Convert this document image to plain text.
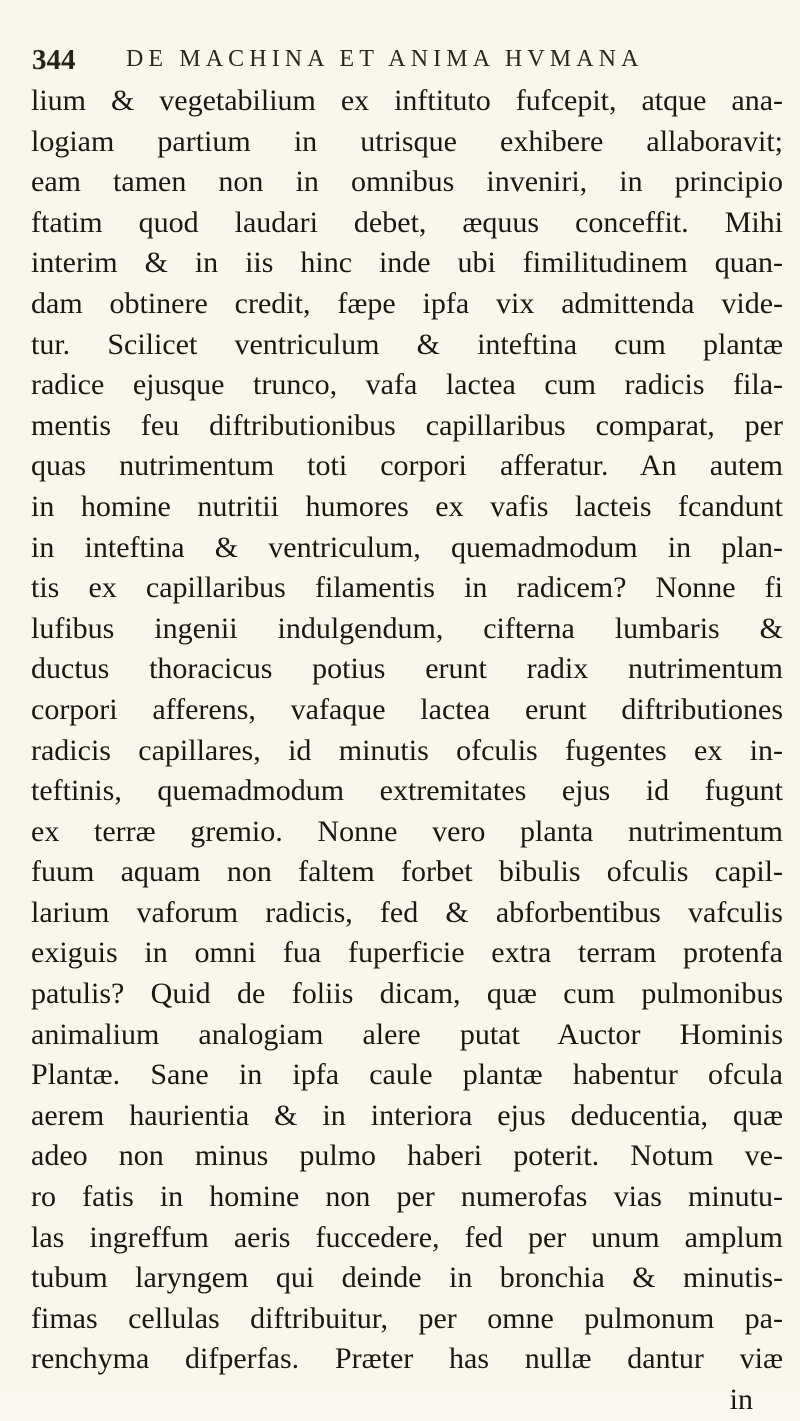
344 DE MACHINA ET ANIMA HVMANA
lium & vegetabilium ex inftituto fufcepit, atque ana-
logiam partium in utrisque exhibere allaboravit;
eam tamen non in omnibus inveniri, in principio
ftatim quod laudari debet, æquus conceffit. Mihi
interim & in iis hinc inde ubi fimilitudinem quan-
dam obtinere credit, fæpe ipfa vix admittenda vide-
tur. Scilicet ventriculum & inteftina cum plantæ
radice ejusque trunco, vafa lactea cum radicis fila-
mentis feu diftributionibus capillaribus comparat, per
quas nutrimentum toti corpori afferatur. An autem
in homine nutritii humores ex vafis lacteis fcandunt
in inteftina & ventriculum, quemadmodum in plan-
tis ex capillaribus filamentis in radicem? Nonne fi
lufibus ingenii indulgendum, cifterna lumbaris &
ductus thoracicus potius erunt radix nutrimentum
corpori afferens, vafaque lactea erunt diftributiones
radicis capillares, id minutis ofculis fugentes ex in-
teftinis, quemadmodum extremitates ejus id fugunt
ex terræ gremio. Nonne vero planta nutrimentum
fuum aquam non faltem forbet bibulis ofculis capil-
larium vaforum radicis, fed & abforbentibus vafculis
exiguis in omni fua fuperficie extra terram protenfa
patulis? Quid de foliis dicam, quæ cum pulmonibus
animalium analogiam alere putat Auctor Hominis
Plantæ. Sane in ipfa caule plantæ habentur ofcula
aerem haurientia & in interiora ejus deducentia, quæ
adeo non minus pulmo haberi poterit. Notum ve-
ro fatis in homine non per numerofas vias minutu-
las ingreffum aeris fuccedere, fed per unum amplum
tubum laryngem qui deinde in bronchia & minutis-
fimas cellulas diftribuitur, per omne pulmonum pa-
renchyma difperfas. Præter has nullæ dantur viæ
in
